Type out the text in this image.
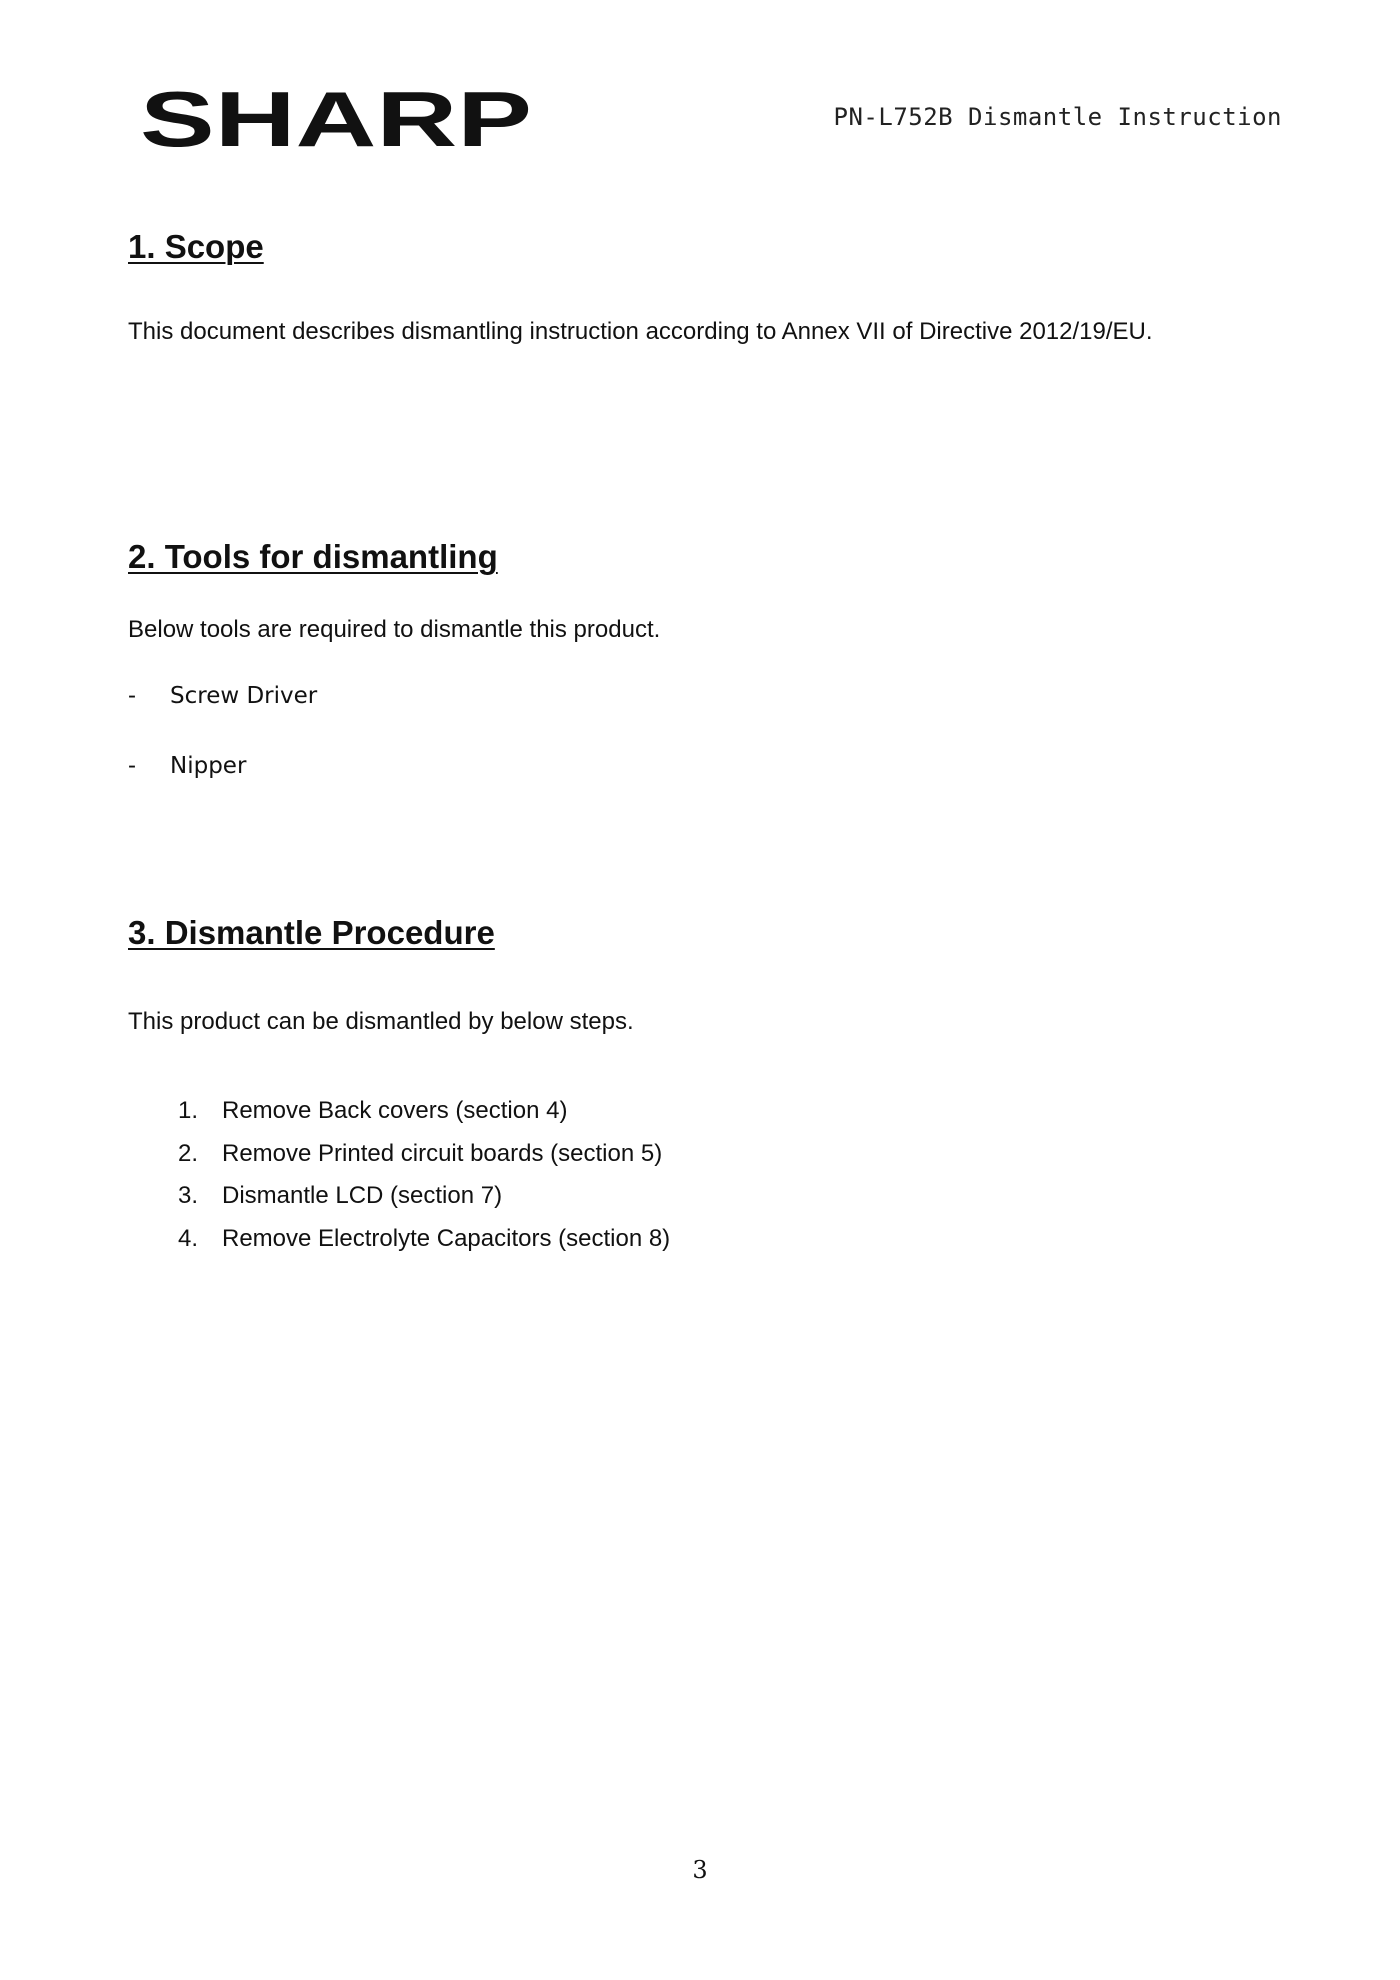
SHARP	PN-L752B Dismantle Instruction
1. Scope

This document describes dismantling instruction according to Annex VII of Directive 2012/19/EU.

2. Tools for dismantling

Below tools are required to dismantle this product.

- Screw Driver
- Nipper
3. Dismantle Procedure

This product can be dismantled by below steps.

1. Remove Back covers (section 4)
2. Remove Printed circuit boards (section 5)
3. Dismantle LCD (section 7)
4. Remove Electrolyte Capacitors (section 8)
3
